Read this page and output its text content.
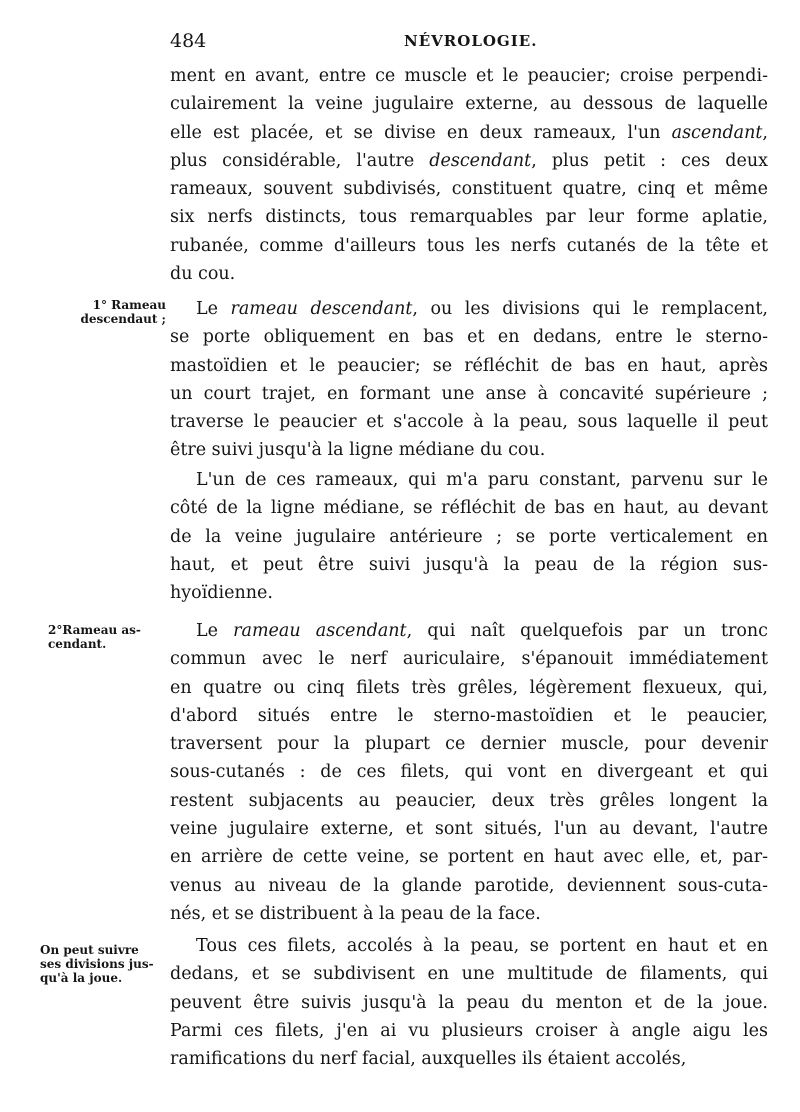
484	NÉVROLOGIE.
ment en avant, entre ce muscle et le peaucier; croise perpendi-
culairement la veine jugulaire externe, au dessous de laquelle
elle est placée, et se divise en deux rameaux, l'un ascendant,
plus considérable, l'autre descendant, plus petit : ces deux
rameaux, souvent subdivisés, constituent quatre, cinq et même
six nerfs distincts, tous remarquables par leur forme aplatie,
rubanée, comme d'ailleurs tous les nerfs cutanés de la tête et
du cou.
Le rameau descendant, ou les divisions qui le remplacent,
se porte obliquement en bas et en dedans, entre le sterno-
mastoïdien et le peaucier; se réfléchit de bas en haut, après
un court trajet, en formant une anse à concavité supérieure ;
traverse le peaucier et s'accole à la peau, sous laquelle il peut
être suivi jusqu'à la ligne médiane du cou.
L'un de ces rameaux, qui m'a paru constant, parvenu sur le
côté de la ligne médiane, se réfléchit de bas en haut, au devant
de la veine jugulaire antérieure ; se porte verticalement en
haut, et peut être suivi jusqu'à la peau de la région sus-
hyoïdienne.
Le rameau ascendant, qui naît quelquefois par un tronc
commun avec le nerf auriculaire, s'épanouit immédiatement
en quatre ou cinq filets très grêles, légèrement flexueux, qui,
d'abord situés entre le sterno-mastoïdien et le peaucier,
traversent pour la plupart ce dernier muscle, pour devenir
sous-cutanés : de ces filets, qui vont en divergeant et qui
restent subjacents au peaucier, deux très grêles longent la
veine jugulaire externe, et sont situés, l'un au devant, l'autre
en arrière de cette veine, se portent en haut avec elle, et, par-
venus au niveau de la glande parotide, deviennent sous-cuta-
nés, et se distribuent à la peau de la face.
Tous ces filets, accolés à la peau, se portent en haut et en
dedans, et se subdivisent en une multitude de filaments, qui
peuvent être suivis jusqu'à la peau du menton et de la joue.
Parmi ces filets, j'en ai vu plusieurs croiser à angle aigu les
ramifications du nerf facial, auxquelles ils étaient accolés,
1° Rameau
descendaut ;
2°Rameau as-
cendant.
On peut suivre
ses divisions jus-
qu'à la joue.
